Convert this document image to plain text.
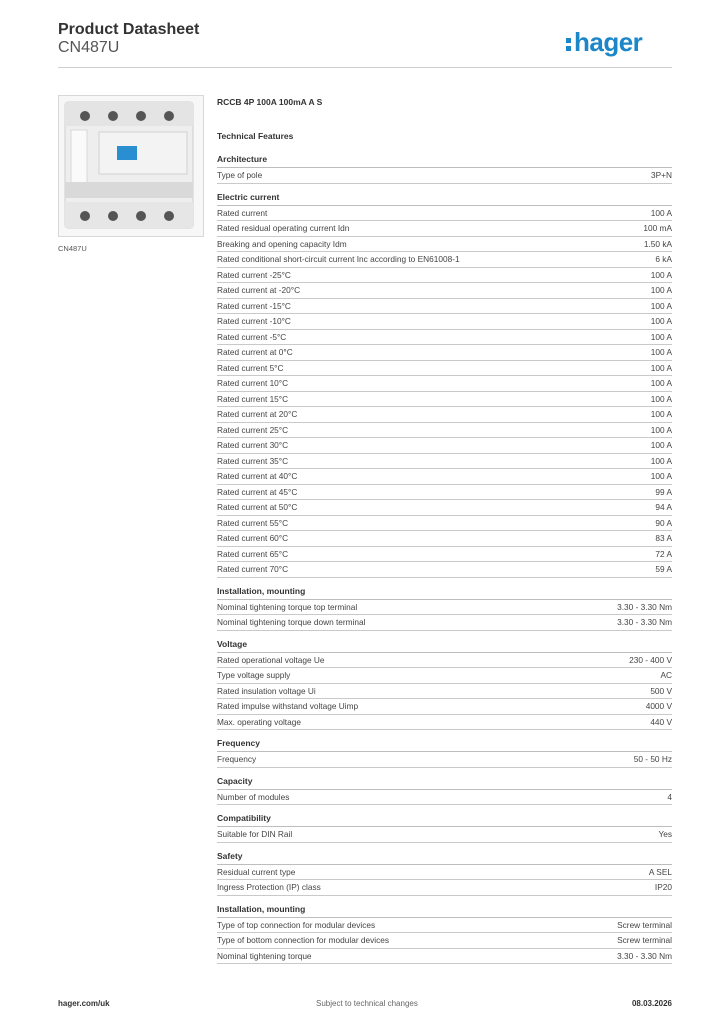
Product Datasheet
CN487U	hager
CN487U
RCCB 4P 100A 100mA A S
Technical Features
Architecture
Type of pole	3P+N
Electric current
Rated current	100 A
Rated residual operating current Idn	100 mA
Breaking and opening capacity Idm	1.50 kA
Rated conditional short-circuit current Inc according to EN61008-1	6 kA
Rated current -25°C	100 A
Rated current at -20°C	100 A
Rated current -15°C	100 A
Rated current -10°C	100 A
Rated current -5°C	100 A
Rated current at 0°C	100 A
Rated current 5°C	100 A
Rated current 10°C	100 A
Rated current 15°C	100 A
Rated current at 20°C	100 A
Rated current 25°C	100 A
Rated current 30°C	100 A
Rated current 35°C	100 A
Rated current at 40°C	100 A
Rated current at 45°C	99 A
Rated current at 50°C	94 A
Rated current 55°C	90 A
Rated current 60°C	83 A
Rated current 65°C	72 A
Rated current 70°C	59 A
Installation, mounting
Nominal tightening torque top terminal	3.30 - 3.30 Nm
Nominal tightening torque down terminal	3.30 - 3.30 Nm
Voltage
Rated operational voltage Ue	230 - 400 V
Type voltage supply	AC
Rated insulation voltage Ui	500 V
Rated impulse withstand voltage Uimp	4000 V
Max. operating voltage	440 V
Frequency
Frequency	50 - 50 Hz
Capacity
Number of modules	4
Compatibility
Suitable for DIN Rail	Yes
Safety
Residual current type	A SEL
Ingress Protection (IP) class	IP20
Installation, mounting
Type of top connection for modular devices	Screw terminal
Type of bottom connection for modular devices	Screw terminal
Nominal tightening torque	3.30 - 3.30 Nm
hager.com/uk	Subject to technical changes	08.03.2026
